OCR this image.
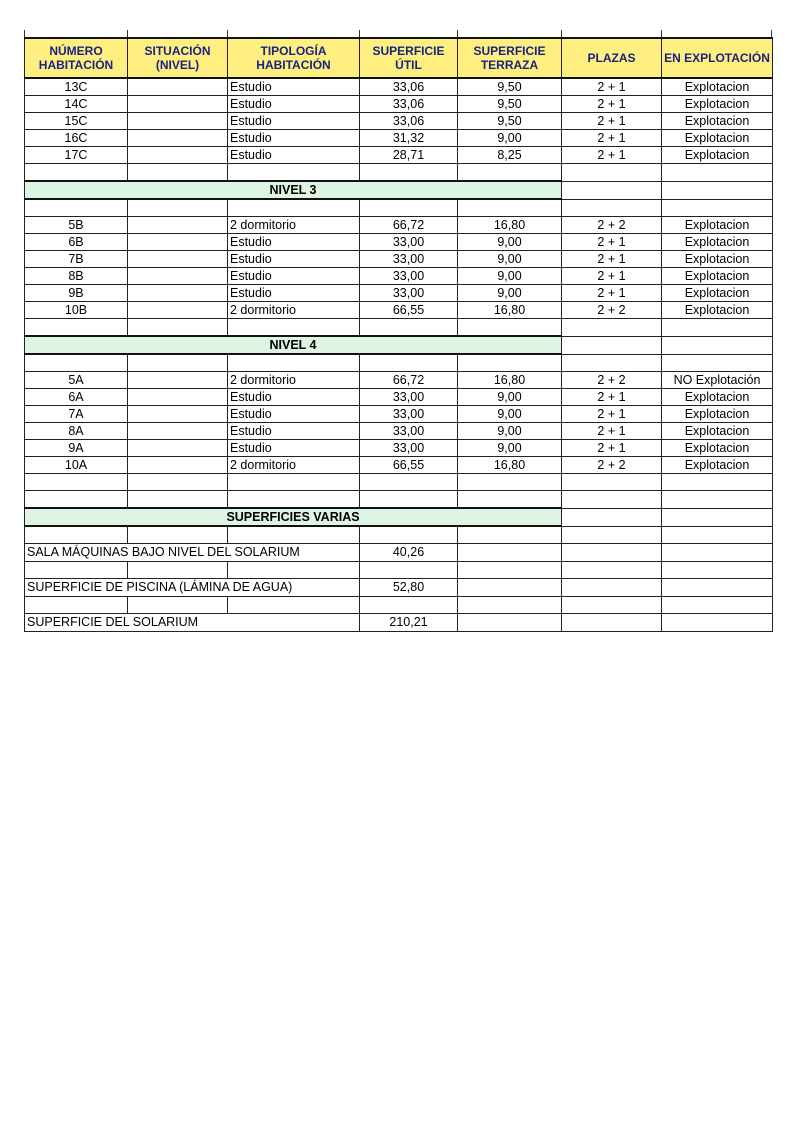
NÚMERO HABITACIÓN	SITUACIÓN (NIVEL)	TIPOLOGÍA HABITACIÓN	SUPERFICIE ÚTIL	SUPERFICIE TERRAZA	PLAZAS	EN EXPLOTACIÓN
13C		Estudio	33,06	9,50	2 + 1	Explotacion
14C		Estudio	33,06	9,50	2 + 1	Explotacion
15C		Estudio	33,06	9,50	2 + 1	Explotacion
16C		Estudio	31,32	9,00	2 + 1	Explotacion
17C		Estudio	28,71	8,25	2 + 1	Explotacion

NIVEL 3						

5B		2 dormitorio	66,72	16,80	2 + 2	Explotacion
6B		Estudio	33,00	9,00	2 + 1	Explotacion
7B		Estudio	33,00	9,00	2 + 1	Explotacion
8B		Estudio	33,00	9,00	2 + 1	Explotacion
9B		Estudio	33,00	9,00	2 + 1	Explotacion
10B		2 dormitorio	66,55	16,80	2 + 2	Explotacion

NIVEL 4						

5A		2 dormitorio	66,72	16,80	2 + 2	NO Explotación
6A		Estudio	33,00	9,00	2 + 1	Explotacion
7A		Estudio	33,00	9,00	2 + 1	Explotacion
8A		Estudio	33,00	9,00	2 + 1	Explotacion
9A		Estudio	33,00	9,00	2 + 1	Explotacion
10A		2 dormitorio	66,55	16,80	2 + 2	Explotacion

SUPERFICIES VARIAS						

SALA MÁQUINAS BAJO NIVEL DEL SOLARIUM			40,26			

SUPERFICIE DE PISCINA (LÁMINA DE AGUA)			52,80			

SUPERFICIE DEL SOLARIUM			210,21			
